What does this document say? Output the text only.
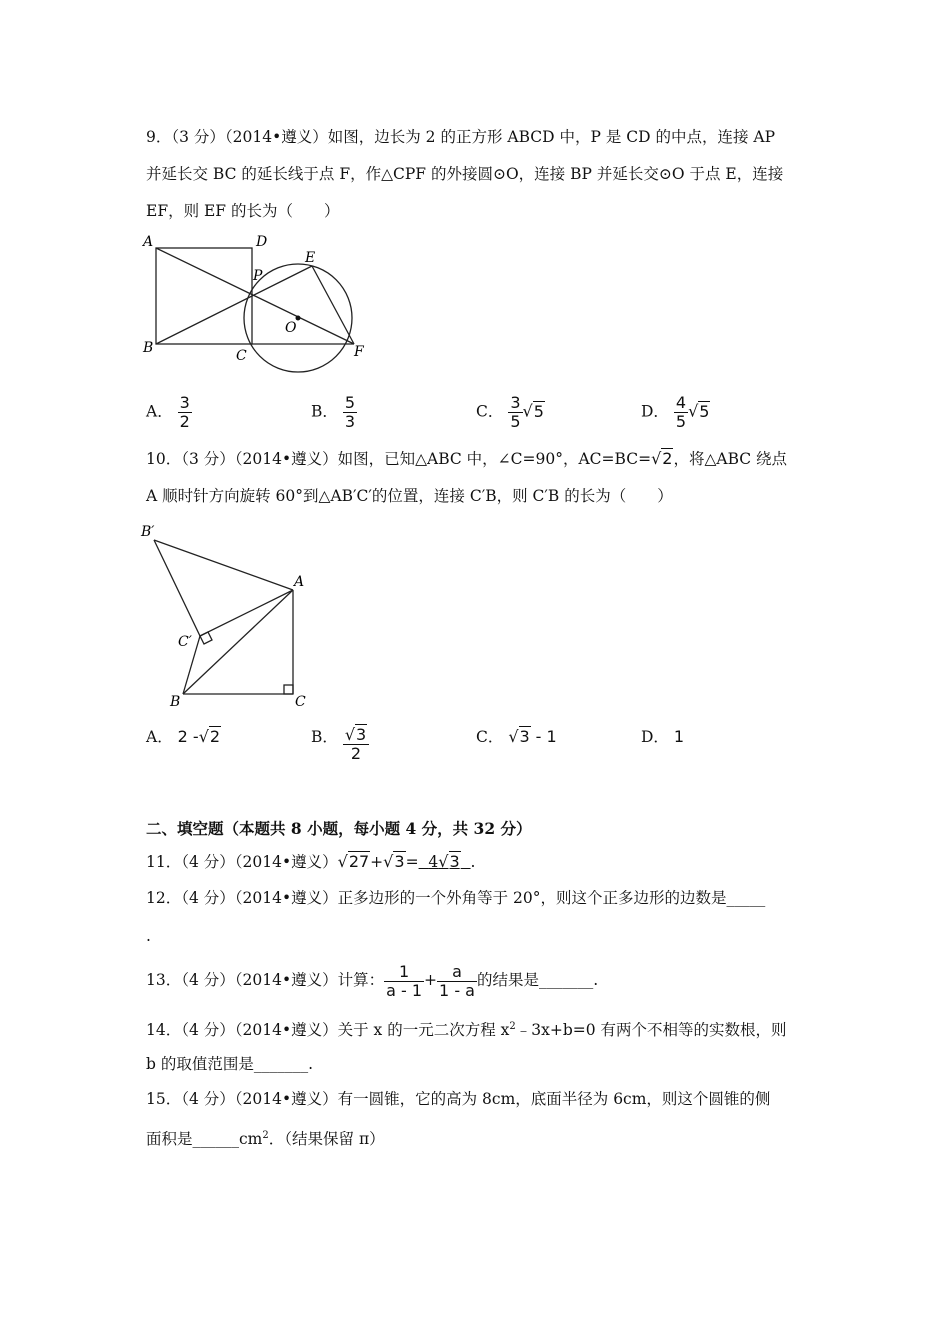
9．（3 分）（2014•遵义）如图，边长为 2 的正方形 ABCD 中，P 是 CD 的中点，连接 AP
并延长交 BC 的延长线于点 F，作△CPF 的外接圆⊙O，连接 BP 并延长交⊙O 于点 E，连接
EF，则 EF 的长为（　　）
A	D
P
E
O
B	C	F
A． $\frac{3}{2}$	B． $\frac{5}{3}$	C． $\frac{3}{5} √5$	D． $\frac{4}{5} √5$
10．（3 分）（2014•遵义）如图，已知△ABC 中，∠C=90°，AC=BC=√2，将△ABC 绕点
A 顺时针方向旋转 60°到△AB′C′的位置，连接 C′B，则 C′B 的长为（　　）
B′
A
C′
B	C
A． 2 -√2	B． $\frac{√3}{2}$	C． √3 - 1	D． 1
二、填空题（本题共 8 小题，每小题 4 分，共 32 分）
11．（4 分）（2014•遵义）√27+√3= 4√3 .
12．（4 分）（2014•遵义）正多边形的一个外角等于 20°，则这个正多边形的边数是_____
.
13．（4 分）（2014•遵义）计算： $\frac{1}{a - 1} + \frac{a}{1 - a}$ 的结果是_______.
14．（4 分）（2014•遵义）关于 x 的一元二次方程 $x^2﹣3x+b=0$ 有两个不相等的实数根，则
b 的取值范围是_______.
15．（4 分）（2014•遵义）有一圆锥，它的高为 8cm，底面半径为 6cm，则这个圆锥的侧
面积是$\_\_\_\_\_\_cm^2$．（结果保留 π）
